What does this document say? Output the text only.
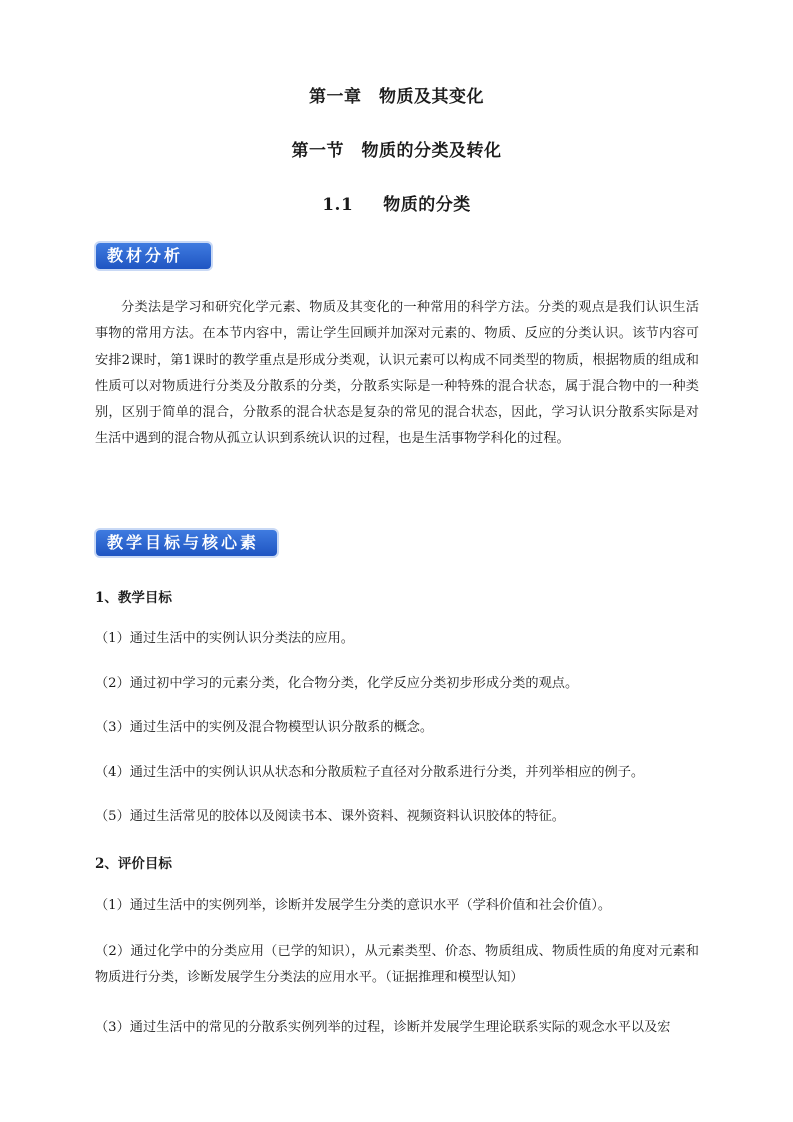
第一章　物质及其变化
第一节　物质的分类及转化
1.1 物质的分类
教材分析
分类法是学习和研究化学元素、物质及其变化的一种常用的科学方法。分类的观点是我们认识生活事物的常用方法。在本节内容中，需让学生回顾并加深对元素的、物质、反应的分类认识。该节内容可安排2课时，第1课时的教学重点是形成分类观，认识元素可以构成不同类型的物质，根据物质的组成和性质可以对物质进行分类及分散系的分类，分散系实际是一种特殊的混合状态，属于混合物中的一种类别，区别于简单的混合，分散系的混合状态是复杂的常见的混合状态，因此，学习认识分散系实际是对生活中遇到的混合物从孤立认识到系统认识的过程，也是生活事物学科化的过程。
教学目标与核心素养
1、教学目标
（1）通过生活中的实例认识分类法的应用。
（2）通过初中学习的元素分类，化合物分类，化学反应分类初步形成分类的观点。
（3）通过生活中的实例及混合物模型认识分散系的概念。
（4）通过生活中的实例认识从状态和分散质粒子直径对分散系进行分类，并列举相应的例子。
（5）通过生活常见的胶体以及阅读书本、课外资料、视频资料认识胶体的特征。
2、评价目标
（1）通过生活中的实例列举，诊断并发展学生分类的意识水平（学科价值和社会价值）。
（2）通过化学中的分类应用（已学的知识），从元素类型、价态、物质组成、物质性质的角度对元素和物质进行分类，诊断发展学生分类法的应用水平。（证据推理和模型认知）
（3）通过生活中的常见的分散系实例列举的过程，诊断并发展学生理论联系实际的观念水平以及宏
